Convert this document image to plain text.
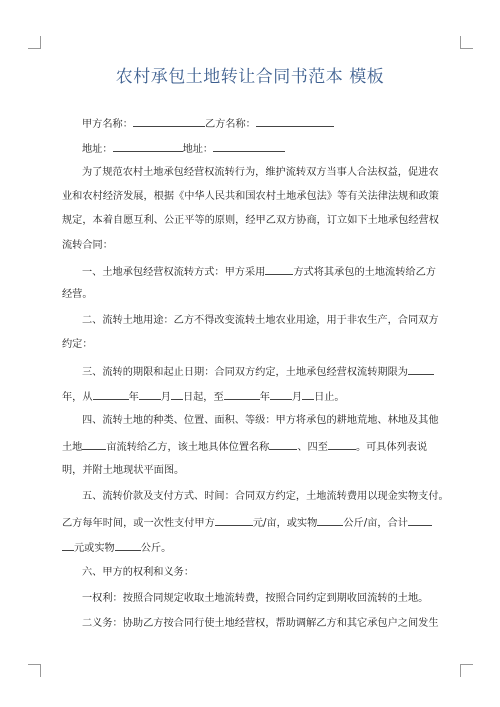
农村承包土地转让合同书范本 模板
甲方名称：	乙方名称：
地址：	地址：
为了规范农村土地承包经营权流转行为，维护流转双方当事人合法权益，促进农
业和农村经济发展，根据《中华人民共和国农村土地承包法》等有关法律法规和政策
规定，本着自愿互利、公正平等的原则，经甲乙双方协商，订立如下土地承包经营权
流转合同：
一、土地承包经营权流转方式：甲方采用	方式将其承包的土地流转给乙方
经营。
二、流转土地用途：乙方不得改变流转土地农业用途，用于非农生产，合同双方
约定：
三、流转的期限和起止日期：合同双方约定，土地承包经营权流转期限为
年，从	年 月 日起，至	年 月 日止。
四、流转土地的种类、位置、面积、等级：甲方将承包的耕地荒地、林地及其他
土地 亩流转给乙方，该土地具体位置名称	、四至	。可具体列表说
明，并附土地现状平面图。
五、流转价款及支付方式、时间：合同双方约定，土地流转费用以现金实物支付。
乙方每年时间，或一次性支付甲方	元/亩，或实物	公斤/亩，合计
元或实物	公斤。
六、甲方的权利和义务：
一权利：按照合同规定收取土地流转费，按照合同约定到期收回流转的土地。
二义务：协助乙方按合同行使土地经营权，帮助调解乙方和其它承包户之间发生
